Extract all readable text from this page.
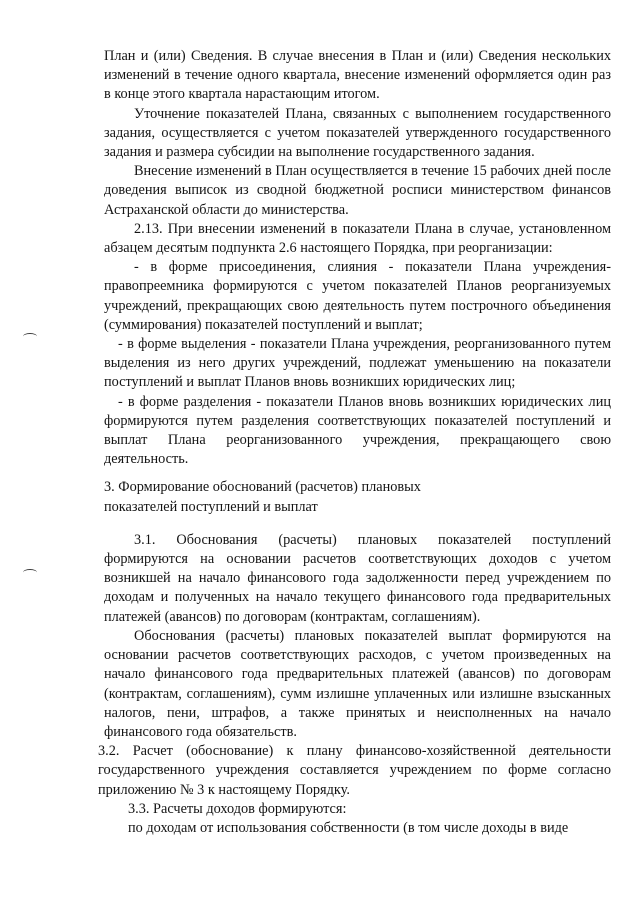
План и (или) Сведения. В случае внесения в План и (или) Сведения нескольких изменений в течение одного квартала, внесение изменений оформляется один раз в конце этого квартала нарастающим итогом.

Уточнение показателей Плана, связанных с выполнением государственного задания, осуществляется с учетом показателей утвержденного государственного задания и размера субсидии на выполнение государственного задания.

Внесение изменений в План осуществляется в течение 15 рабочих дней после доведения выписок из сводной бюджетной росписи министерством финансов Астраханской области до министерства.

2.13. При внесении изменений в показатели Плана в случае, установленном абзацем десятым подпункта 2.6 настоящего Порядка, при реорганизации:

- в форме присоединения, слияния - показатели Плана учреждения-правопреемника формируются с учетом показателей Планов реорганизуемых учреждений, прекращающих свою деятельность путем построчного объединения (суммирования) показателей поступлений и выплат;

- в форме выделения - показатели Плана учреждения, реорганизованного путем выделения из него других учреждений, подлежат уменьшению на показатели поступлений и выплат Планов вновь возникших юридических лиц;

- в форме разделения - показатели Планов вновь возникших юридических лиц формируются путем разделения соответствующих показателей поступлений и выплат Плана реорганизованного учреждения, прекращающего свою деятельность.

3. Формирование обоснований (расчетов) плановых

показателей поступлений и выплат

3.1. Обоснования (расчеты) плановых показателей поступлений формируются на основании расчетов соответствующих доходов с учетом возникшей на начало финансового года задолженности перед учреждением по доходам и полученных на начало текущего финансового года предварительных платежей (авансов) по договорам (контрактам, соглашениям).

Обоснования (расчеты) плановых показателей выплат формируются на основании расчетов соответствующих расходов, с учетом произведенных на начало финансового года предварительных платежей (авансов) по договорам (контрактам, соглашениям), сумм излишне уплаченных или излишне взысканных налогов, пени, штрафов, а также принятых и неисполненных на начало финансового года обязательств.

3.2. Расчет (обоснование) к плану финансово-хозяйственной деятельности государственного учреждения составляется учреждением по форме согласно приложению № 3 к настоящему Порядку.

3.3. Расчеты доходов формируются:

по доходам от использования собственности (в том числе доходы в виде
